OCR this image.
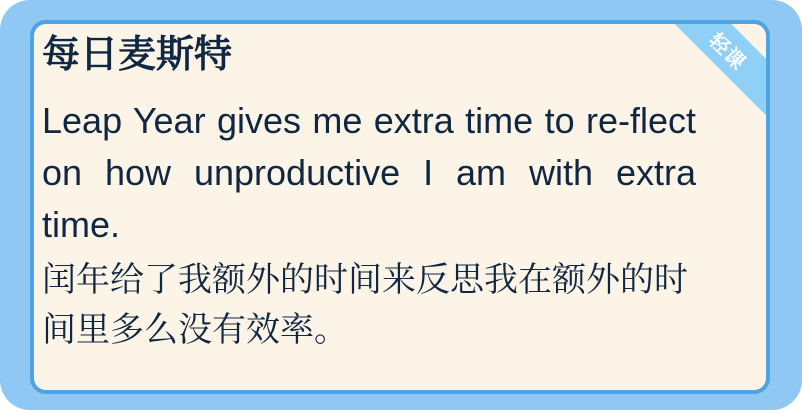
轻课
每日麦斯特

Leap Year gives me extra time to re-flect on how unproductive I am with extra time.

闰年给了我额外的时间来反思我在额外的时间里多么没有效率。
